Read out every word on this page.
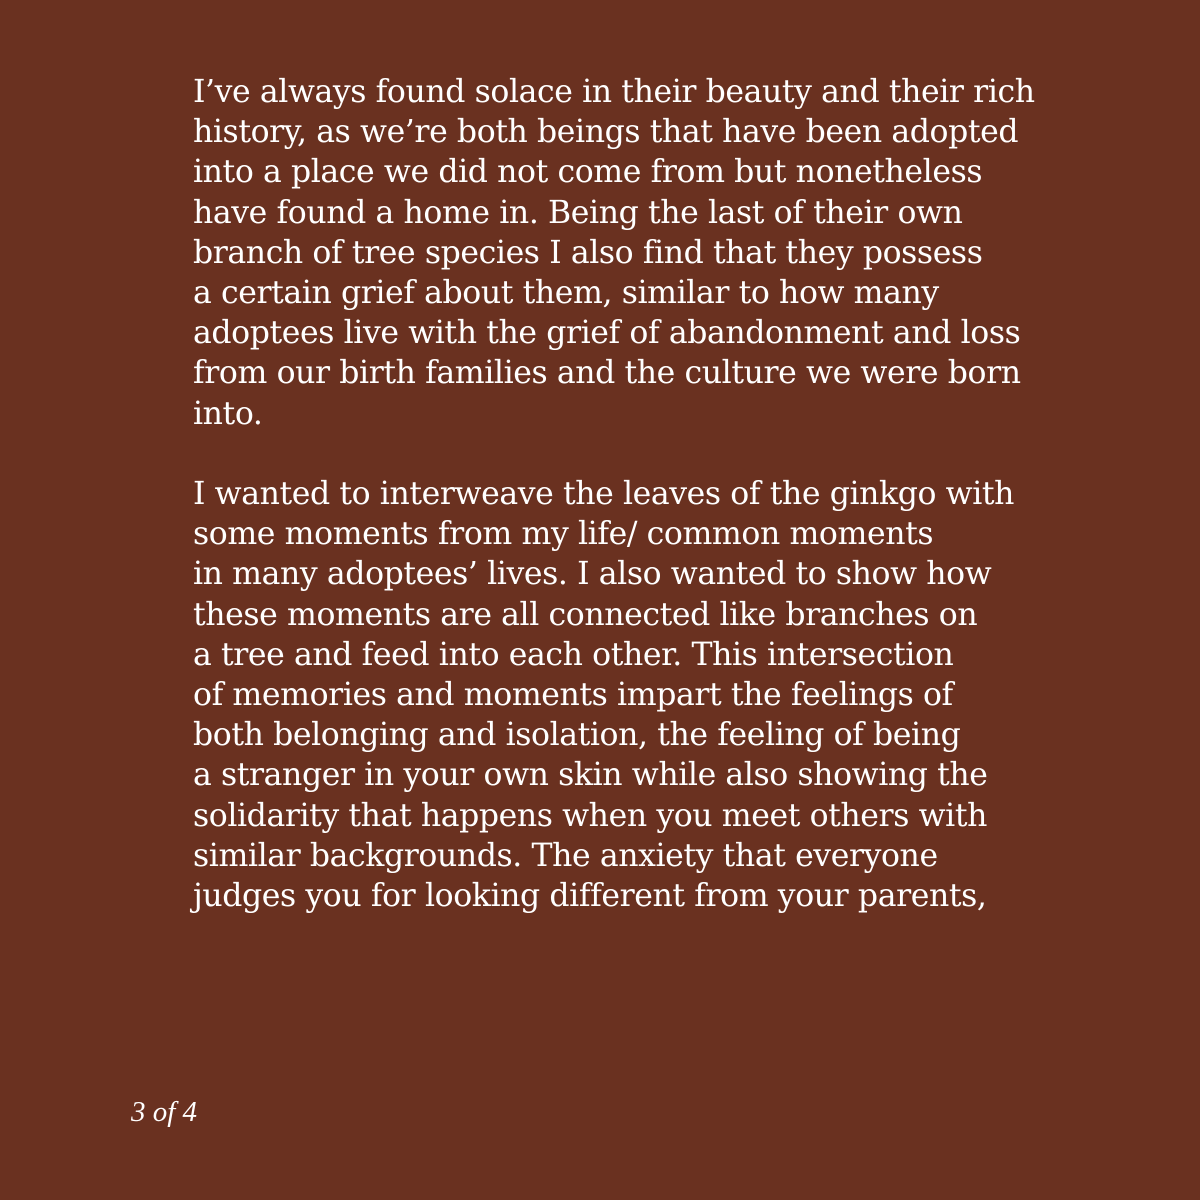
I’ve always found solace in their beauty and their rich
history, as we’re both beings that have been adopted
into a place we did not come from but nonetheless
have found a home in. Being the last of their own
branch of tree species I also find that they possess
a certain grief about them, similar to how many
adoptees live with the grief of abandonment and loss
from our birth families and the culture we were born
into.

I wanted to interweave the leaves of the ginkgo with
some moments from my life/ common moments
in many adoptees’ lives. I also wanted to show how
these moments are all connected like branches on
a tree and feed into each other. This intersection
of memories and moments impart the feelings of
both belonging and isolation, the feeling of being
a stranger in your own skin while also showing the
solidarity that happens when you meet others with
similar backgrounds. The anxiety that everyone
judges you for looking different from your parents,

3 of 4
